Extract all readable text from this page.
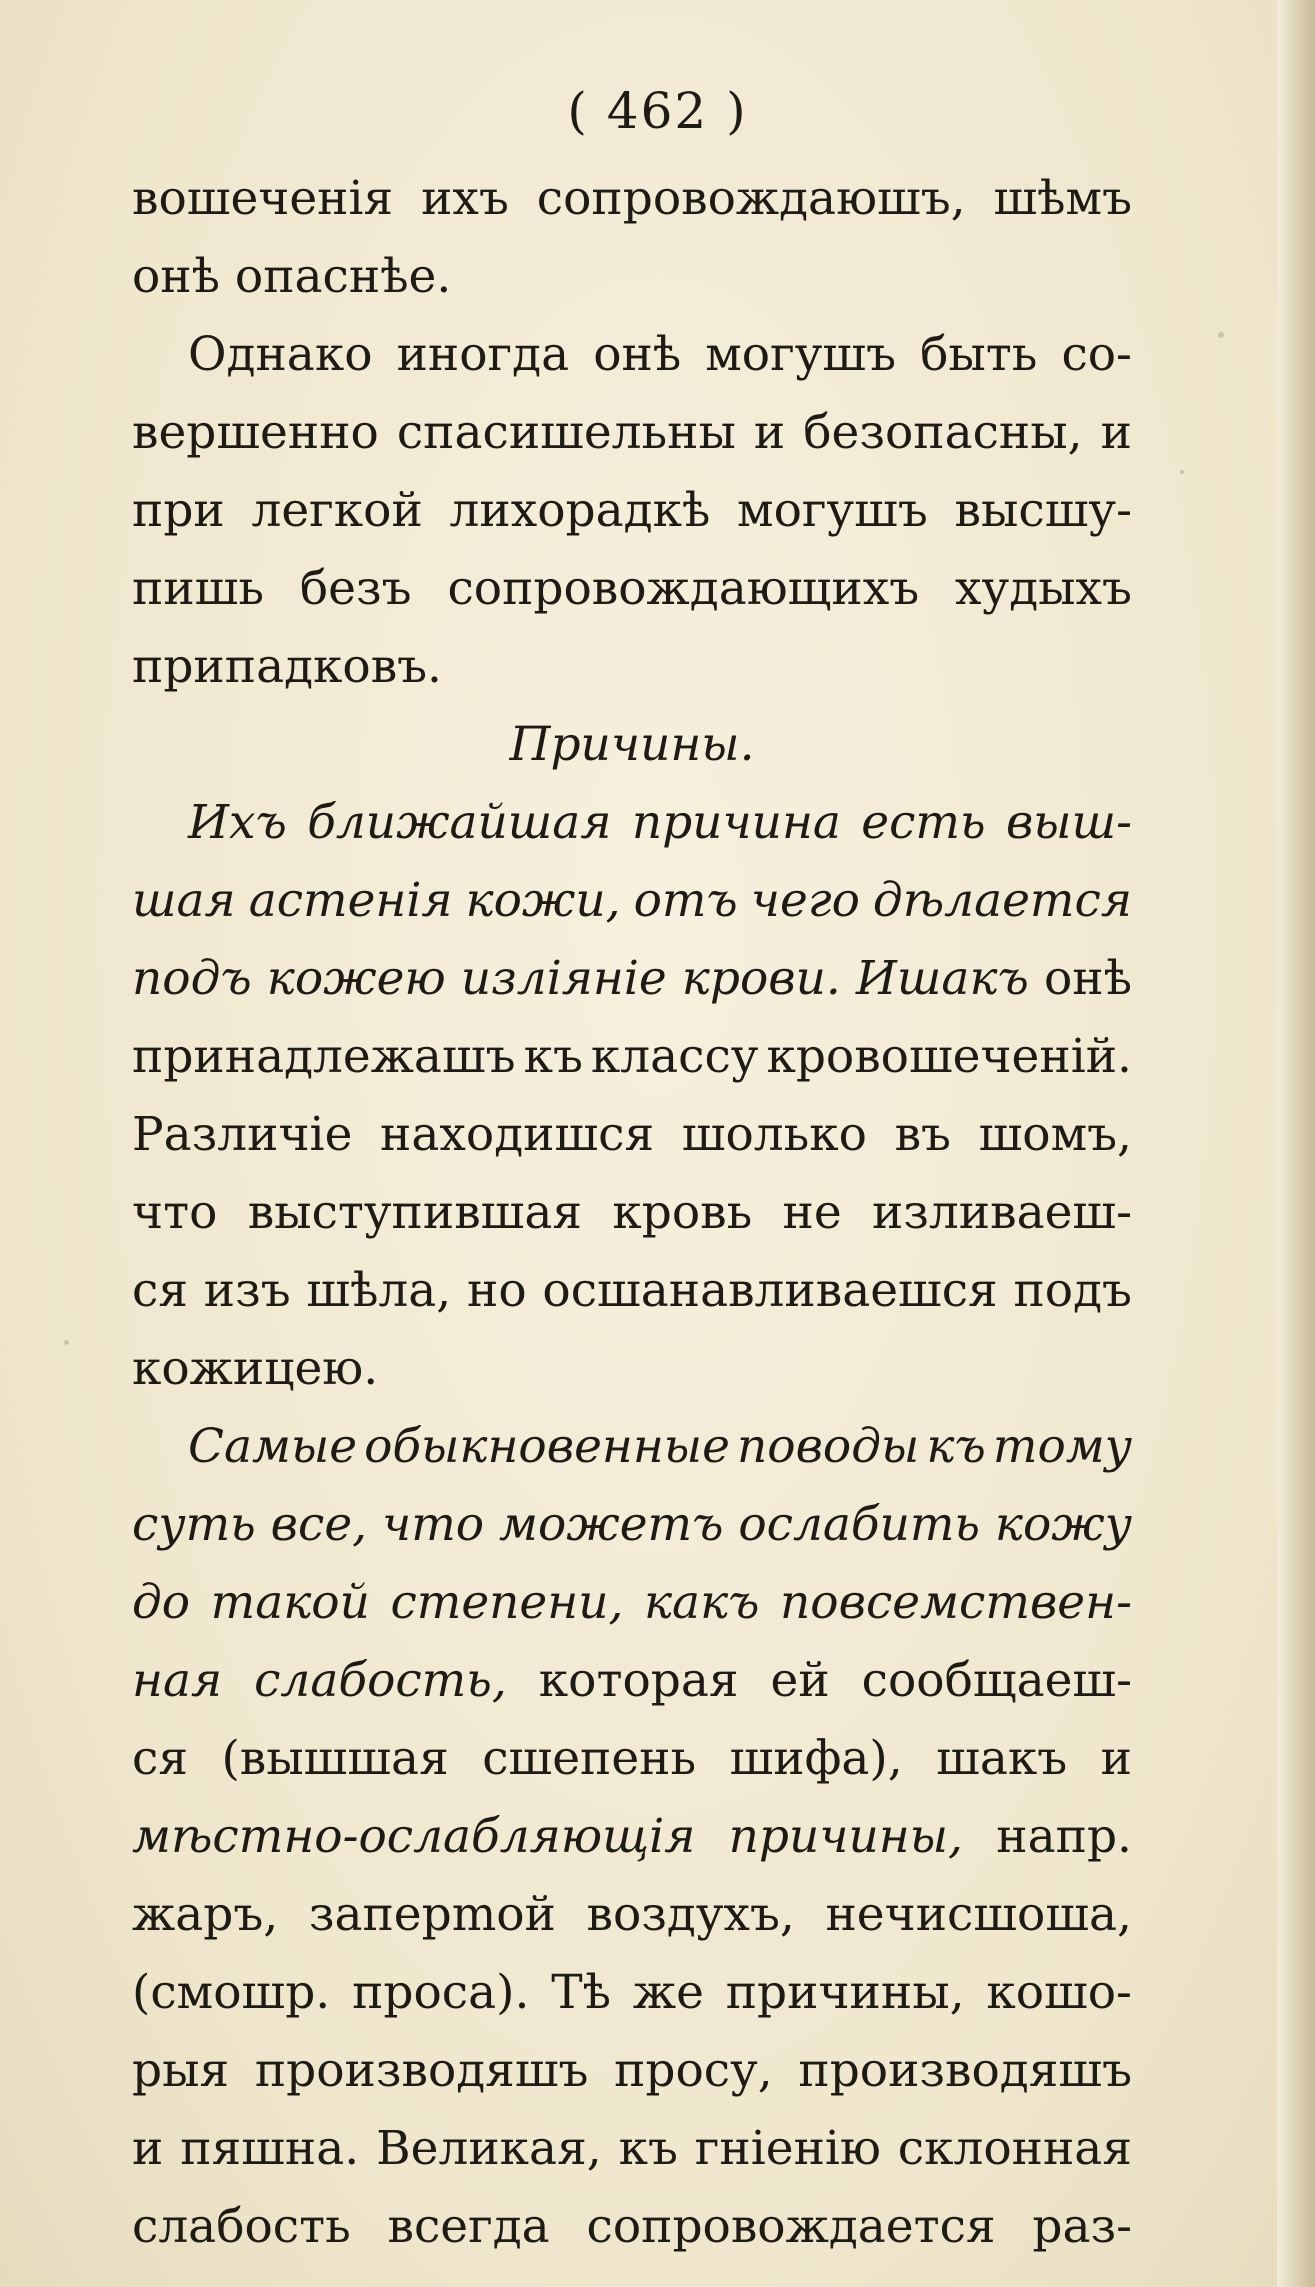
( 462 )
вошеченія ихъ сопровождаюшъ, шѣмъ
онѣ опаснѣе.
Однако иногда онѣ могушъ быть со-
вершенно спасишельны и безопасны, и
при легкой лихорадкѣ могушъ высшу-
пишь безъ сопровождающихъ худыхъ
припадковъ.
Причины.
Ихъ ближайшая причина есть выш-
шая астенія кожи, отъ чего дѣлается
подъ кожею изліяніе крови. Ишакъ онѣ
принадлежашъ къ классу кровошеченій.
Различіе находишся шолько въ шомъ,
что выступившая кровь не изливаеш-
ся изъ шѣла, но осшанавливаешся подъ
кожицею.
Самые обыкновенные поводы къ тому
суть все, что можетъ ослабить кожу
до такой степени, какъ повсемствен-
ная слабость, которая ей сообщаеш-
ся (вышшая сшепень шифа), шакъ и
мѣстно-ослабляющія причины, напр.
жаръ, заперmой воздухъ, нечисшоша,
(смошр. проса). Тѣ же причины, кошо-
рыя производяшъ просу, производяшъ
и пяшна. Великая, къ гніенію склонная
слабость всегда сопровождается раз-
